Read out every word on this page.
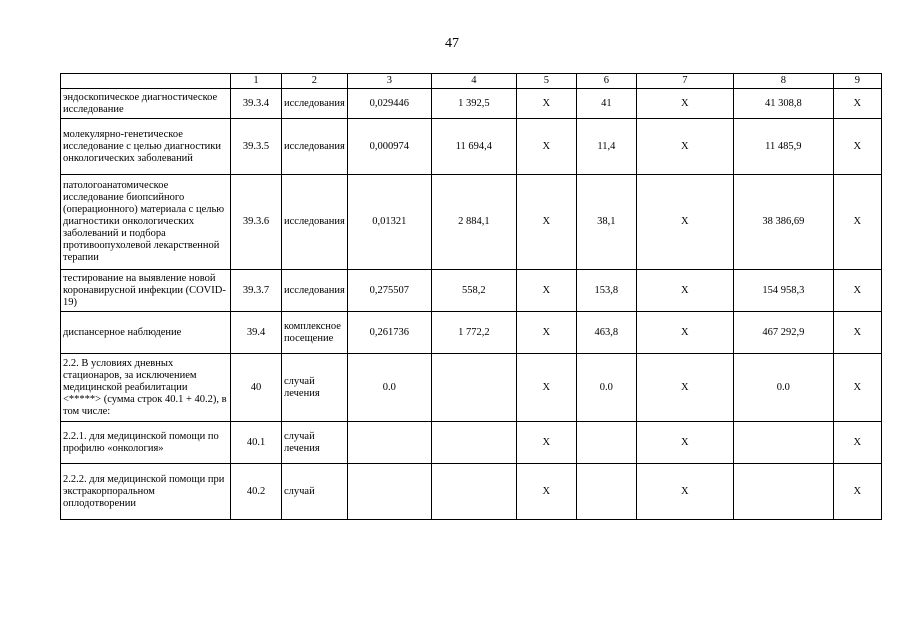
47
	1	2	3	4	5	6	7	8	9
эндоскопическое диагностическое исследование	39.3.4	исследования	0,029446	1 392,5	Х	41	Х	41 308,8	Х
молекулярно-генетическое исследование с целью диагностики онкологических заболеваний	39.3.5	исследования	0,000974	11 694,4	Х	11,4	Х	11 485,9	Х
патологоанатомическое исследование биопсийного (операционного) материала с целью диагностики онкологических заболеваний и подбора противоопухолевой лекарственной терапии	39.3.6	исследования	0,01321	2 884,1	Х	38,1	Х	38 386,69	Х
тестирование на выявление новой коронавирусной инфекции (COVID-19)	39.3.7	исследования	0,275507	558,2	Х	153,8	Х	154 958,3	Х
диспансерное наблюдение	39.4	комплексное посещение	0,261736	1 772,2	Х	463,8	Х	467 292,9	Х
2.2. В условиях дневных стационаров, за исключением медицинской реабилитации <*****> (сумма строк 40.1 + 40.2), в том числе:	40	случай лечения	0.0		Х	0.0	Х	0.0	Х
2.2.1. для медицинской помощи по профилю «онкология»	40.1	случай лечения			Х		Х		Х
2.2.2. для медицинской помощи при экстракорпоральном оплодотворении	40.2	случай			Х		Х		Х
